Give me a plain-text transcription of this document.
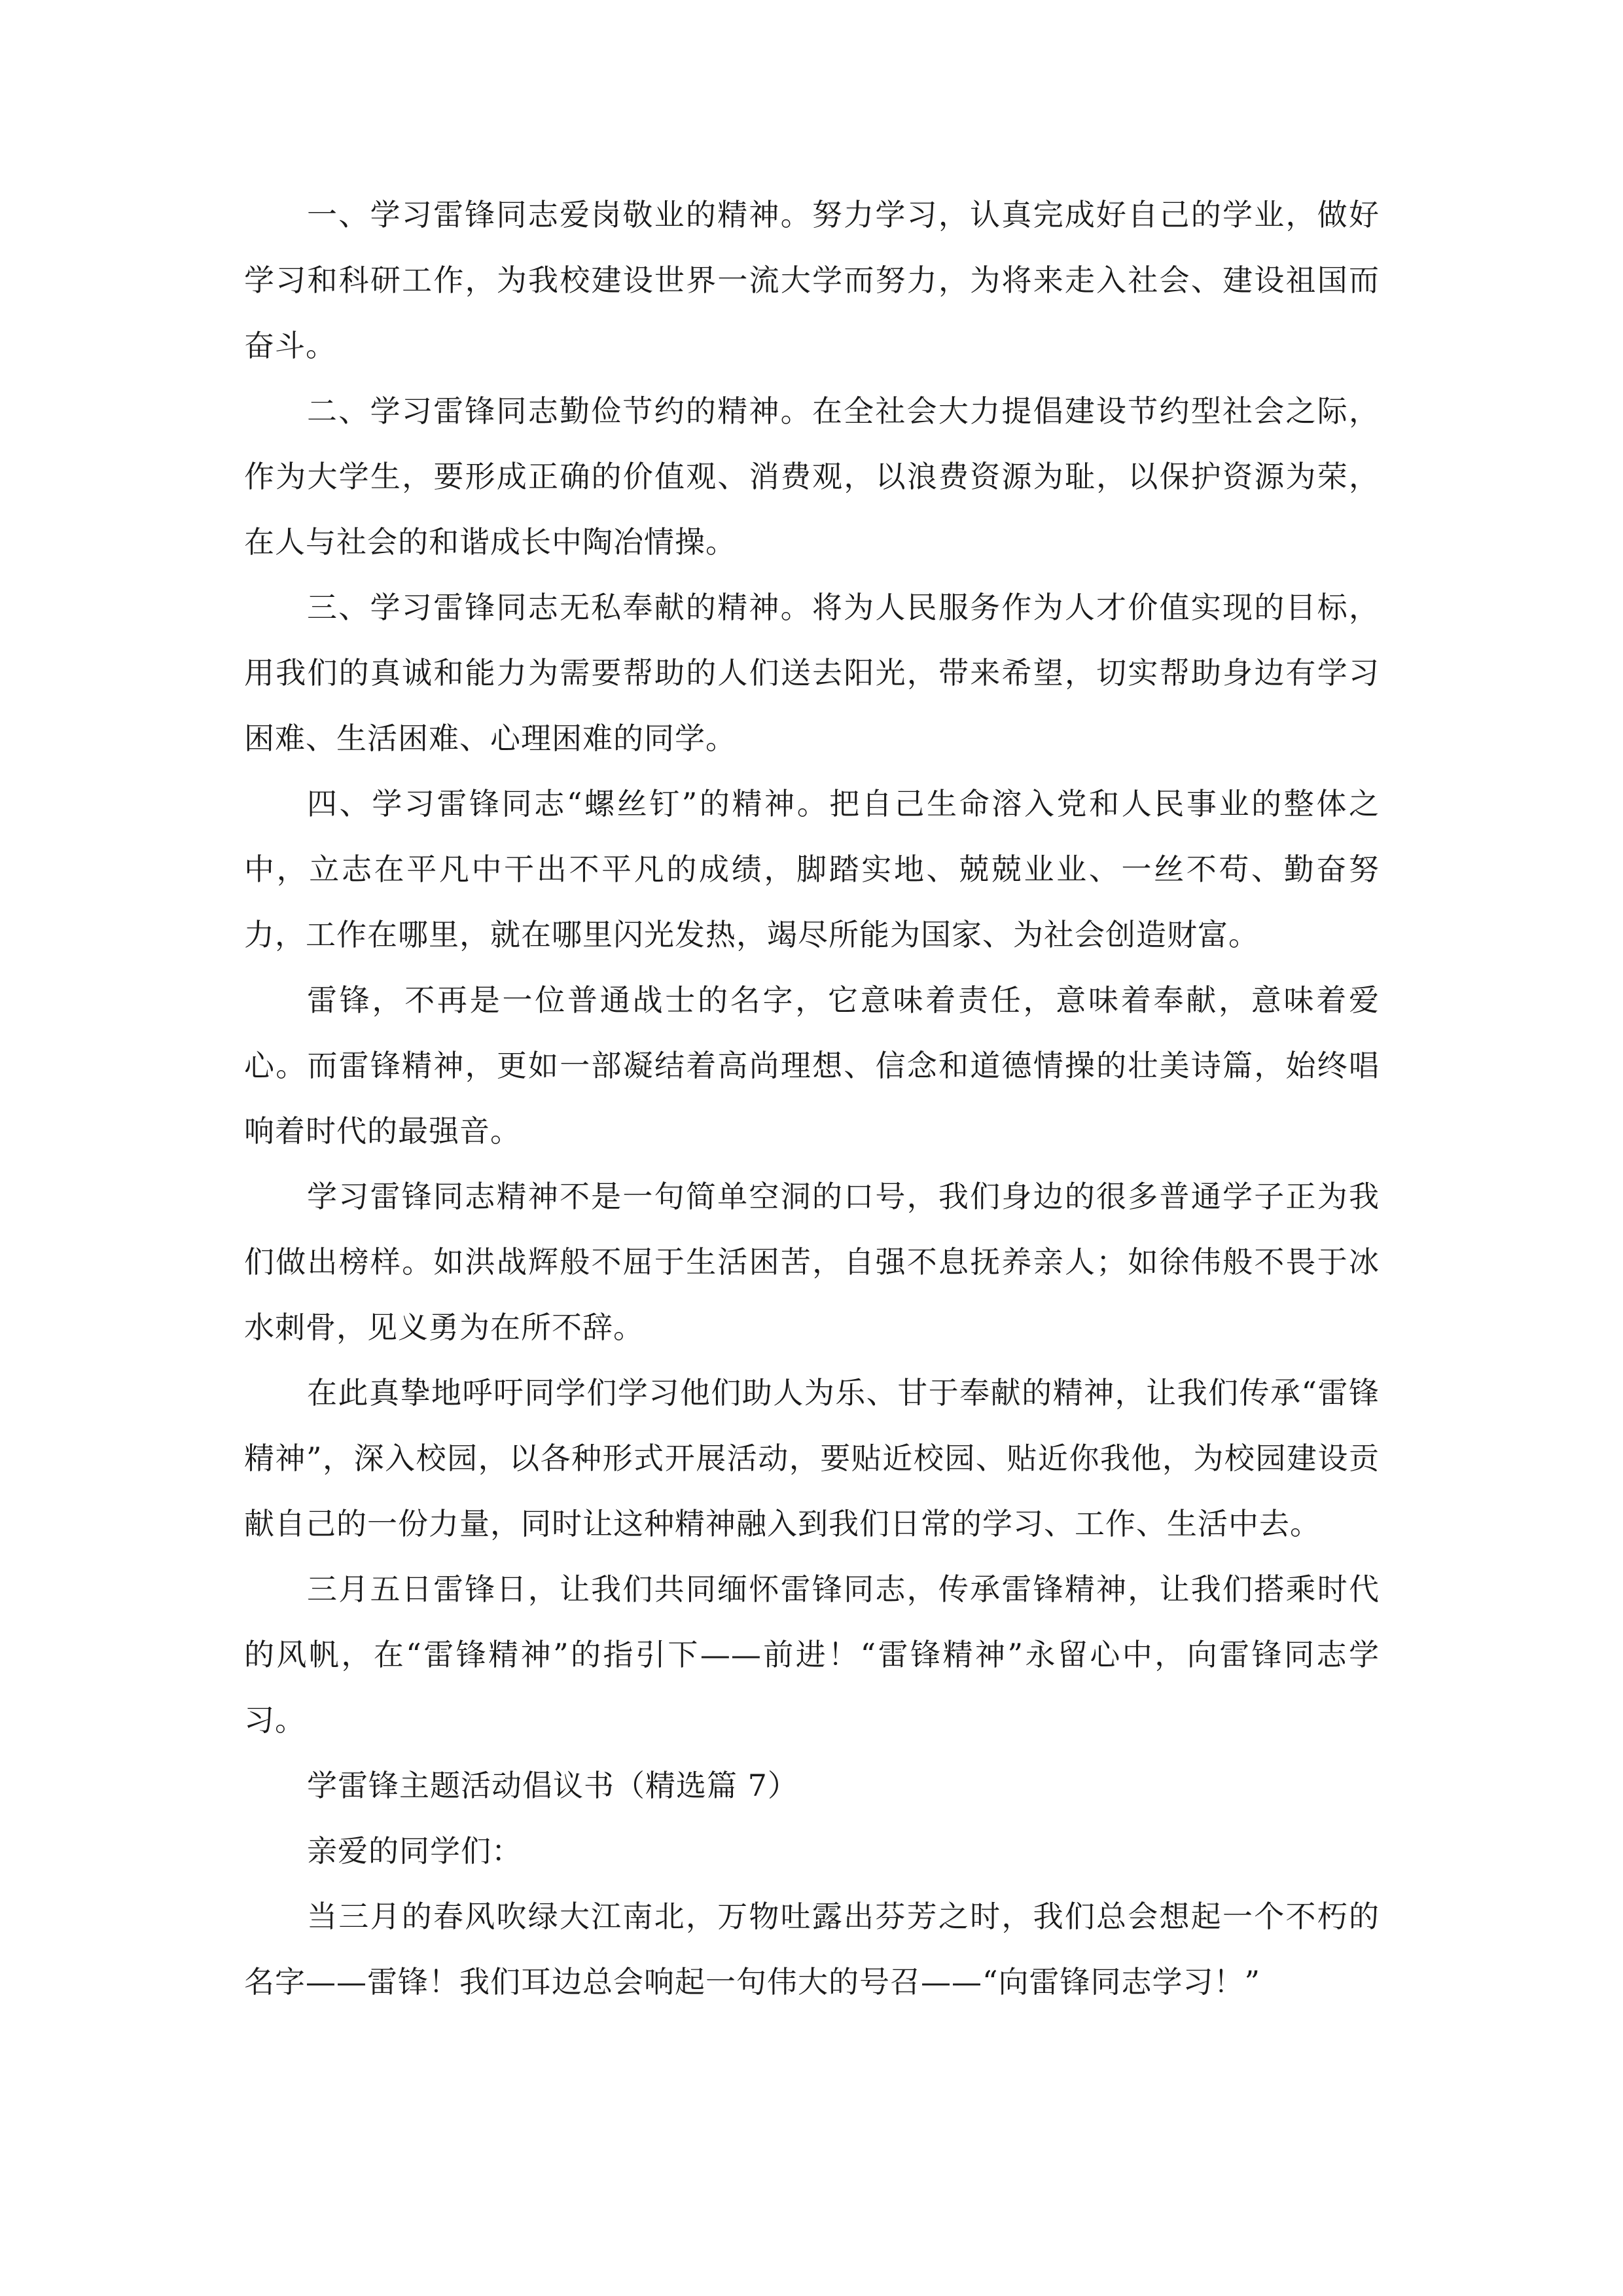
一、学习雷锋同志爱岗敬业的精神。努力学习，认真完成好自己的学业，做好学习和科研工作，为我校建设世界一流大学而努力，为将来走入社会、建设祖国而奋斗。

二、学习雷锋同志勤俭节约的精神。在全社会大力提倡建设节约型社会之际，作为大学生，要形成正确的价值观、消费观，以浪费资源为耻，以保护资源为荣，在人与社会的和谐成长中陶冶情操。

三、学习雷锋同志无私奉献的精神。将为人民服务作为人才价值实现的目标，用我们的真诚和能力为需要帮助的人们送去阳光，带来希望，切实帮助身边有学习困难、生活困难、心理困难的同学。

四、学习雷锋同志“螺丝钉”的精神。把自己生命溶入党和人民事业的整体之中，立志在平凡中干出不平凡的成绩，脚踏实地、兢兢业业、一丝不苟、勤奋努力，工作在哪里，就在哪里闪光发热，竭尽所能为国家、为社会创造财富。

雷锋，不再是一位普通战士的名字，它意味着责任，意味着奉献，意味着爱心。而雷锋精神，更如一部凝结着高尚理想、信念和道德情操的壮美诗篇，始终唱响着时代的最强音。

学习雷锋同志精神不是一句简单空洞的口号，我们身边的很多普通学子正为我们做出榜样。如洪战辉般不屈于生活困苦，自强不息抚养亲人；如徐伟般不畏于冰水刺骨，见义勇为在所不辞。

在此真挚地呼吁同学们学习他们助人为乐、甘于奉献的精神，让我们传承“雷锋精神”，深入校园，以各种形式开展活动，要贴近校园、贴近你我他，为校园建设贡献自己的一份力量，同时让这种精神融入到我们日常的学习、工作、生活中去。

三月五日雷锋日，让我们共同缅怀雷锋同志，传承雷锋精神，让我们搭乘时代的风帆，在“雷锋精神”的指引下——前进！“雷锋精神”永留心中，向雷锋同志学习。

学雷锋主题活动倡议书（精选篇 7）

亲爱的同学们：

当三月的春风吹绿大江南北，万物吐露出芬芳之时，我们总会想起一个不朽的名字——雷锋！我们耳边总会响起一句伟大的号召——“向雷锋同志学习！”
